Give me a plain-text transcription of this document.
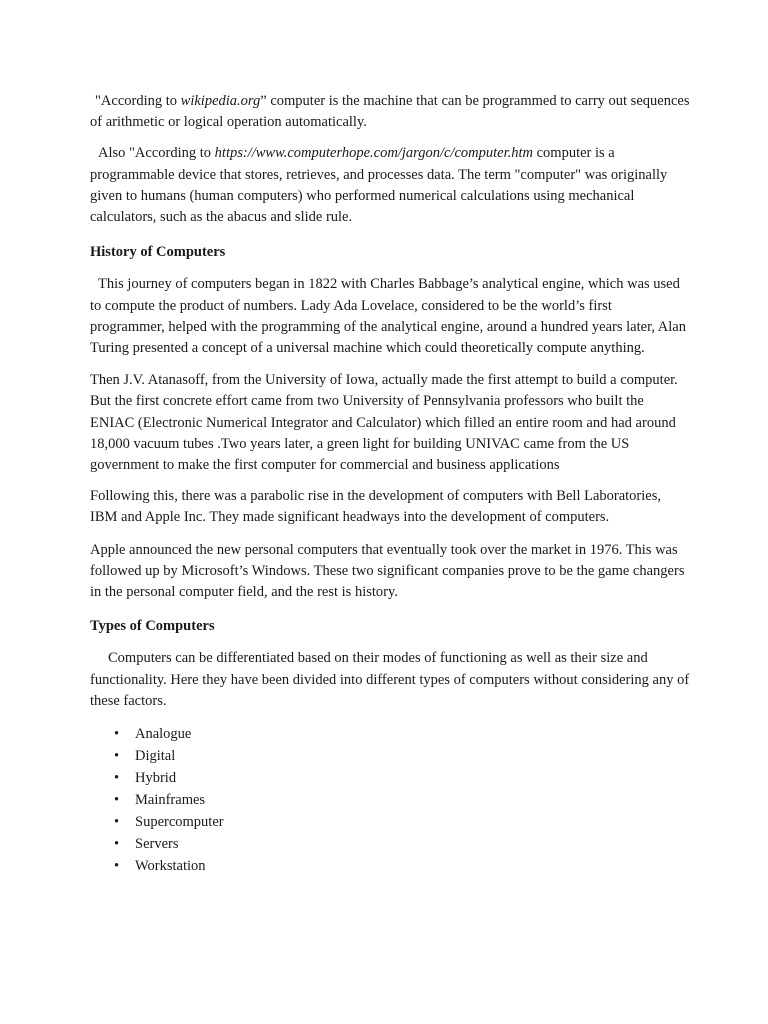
"According to wikipedia.org” computer is the machine that can be programmed to carry out sequences of arithmetic or logical operation automatically.

Also "According to https://www.computerhope.com/jargon/c/computer.htm computer is a programmable device that stores, retrieves, and processes data. The term "computer" was originally given to humans (human computers) who performed numerical calculations using mechanical calculators, such as the abacus and slide rule.

History of Computers

This journey of computers began in 1822 with Charles Babbage’s analytical engine, which was used to compute the product of numbers. Lady Ada Lovelace, considered to be the world’s first programmer, helped with the programming of the analytical engine, around a hundred years later, Alan Turing presented a concept of a universal machine which could theoretically compute anything.

Then J.V. Atanasoff, from the University of Iowa, actually made the first attempt to build a computer. But the first concrete effort came from two University of Pennsylvania professors who built the ENIAC (Electronic Numerical Integrator and Calculator) which filled an entire room and had around 18,000 vacuum tubes .Two years later, a green light for building UNIVAC came from the US government to make the first computer for commercial and business applications

Following this, there was a parabolic rise in the development of computers with Bell Laboratories, IBM and Apple Inc. They made significant headways into the development of computers.

Apple announced the new personal computers that eventually took over the market in 1976. This was followed up by Microsoft’s Windows. These two significant companies prove to be the game changers in the personal computer field, and the rest is history.

Types of Computers

Computers can be differentiated based on their modes of functioning as well as their size and functionality. Here they have been divided into different types of computers without considering any of these factors.

• Analogue
• Digital
• Hybrid
• Mainframes
• Supercomputer
• Servers
• Workstation
